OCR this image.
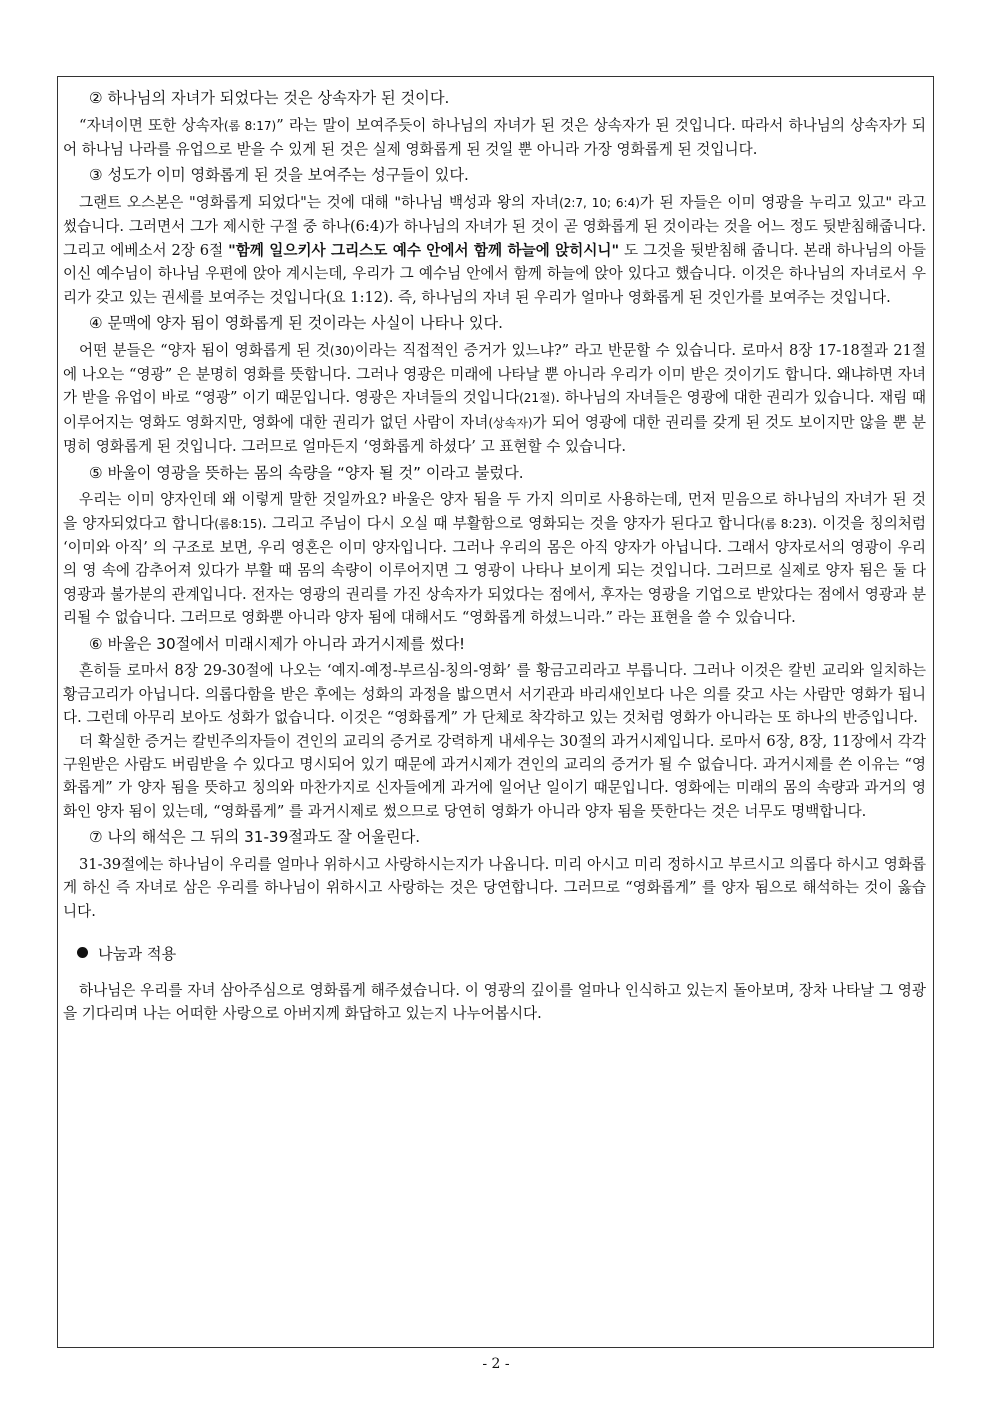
② 하나님의 자녀가 되었다는 것은 상속자가 된 것이다.

“자녀이면 또한 상속자(롬 8:17)” 라는 말이 보여주듯이 하나님의 자녀가 된 것은 상속자가 된 것입니다. 따라서 하나님의 상속자가 되어 하나님 나라를 유업으로 받을 수 있게 된 것은 실제 영화롭게 된 것일 뿐 아니라 가장 영화롭게 된 것입니다.

③ 성도가 이미 영화롭게 된 것을 보여주는 성구들이 있다.

그랜트 오스본은 "영화롭게 되었다"는 것에 대해 "하나님 백성과 왕의 자녀(2:7, 10; 6:4)가 된 자들은 이미 영광을 누리고 있고" 라고 썼습니다. 그러면서 그가 제시한 구절 중 하나(6:4)가 하나님의 자녀가 된 것이 곧 영화롭게 된 것이라는 것을 어느 정도 뒷받침해줍니다. 그리고 에베소서 2장 6절 "함께 일으키사 그리스도 예수 안에서 함께 하늘에 앉히시니" 도 그것을 뒷받침해 줍니다. 본래 하나님의 아들이신 예수님이 하나님 우편에 앉아 계시는데, 우리가 그 예수님 안에서 함께 하늘에 앉아 있다고 했습니다. 이것은 하나님의 자녀로서 우리가 갖고 있는 권세를 보여주는 것입니다(요 1:12). 즉, 하나님의 자녀 된 우리가 얼마나 영화롭게 된 것인가를 보여주는 것입니다.

④ 문맥에 양자 됨이 영화롭게 된 것이라는 사실이 나타나 있다.

어떤 분들은 “양자 됨이 영화롭게 된 것(30)이라는 직접적인 증거가 있느냐?” 라고 반문할 수 있습니다. 로마서 8장 17-18절과 21절에 나오는 “영광” 은 분명히 영화를 뜻합니다. 그러나 영광은 미래에 나타날 뿐 아니라 우리가 이미 받은 것이기도 합니다. 왜냐하면 자녀가 받을 유업이 바로 “영광” 이기 때문입니다. 영광은 자녀들의 것입니다(21절). 하나님의 자녀들은 영광에 대한 권리가 있습니다. 재림 때 이루어지는 영화도 영화지만, 영화에 대한 권리가 없던 사람이 자녀(상속자)가 되어 영광에 대한 권리를 갖게 된 것도 보이지만 않을 뿐 분명히 영화롭게 된 것입니다. 그러므로 얼마든지 ‘영화롭게 하셨다’ 고 표현할 수 있습니다.

⑤ 바울이 영광을 뜻하는 몸의 속량을 “양자 될 것” 이라고 불렀다.

우리는 이미 양자인데 왜 이렇게 말한 것일까요? 바울은 양자 됨을 두 가지 의미로 사용하는데, 먼저 믿음으로 하나님의 자녀가 된 것을 양자되었다고 합니다(롬8:15). 그리고 주님이 다시 오실 때 부활함으로 영화되는 것을 양자가 된다고 합니다(롬 8:23). 이것을 칭의처럼 ‘이미와 아직’ 의 구조로 보면, 우리 영혼은 이미 양자입니다. 그러나 우리의 몸은 아직 양자가 아닙니다. 그래서 양자로서의 영광이 우리의 영 속에 감추어져 있다가 부활 때 몸의 속량이 이루어지면 그 영광이 나타나 보이게 되는 것입니다. 그러므로 실제로 양자 됨은 둘 다 영광과 불가분의 관계입니다. 전자는 영광의 권리를 가진 상속자가 되었다는 점에서, 후자는 영광을 기업으로 받았다는 점에서 영광과 분리될 수 없습니다. 그러므로 영화뿐 아니라 양자 됨에 대해서도 “영화롭게 하셨느니라.” 라는 표현을 쓸 수 있습니다.

⑥ 바울은 30절에서 미래시제가 아니라 과거시제를 썼다!

흔히들 로마서 8장 29-30절에 나오는 ‘예지-예정-부르심-칭의-영화’ 를 황금고리라고 부릅니다. 그러나 이것은 칼빈 교리와 일치하는 황금고리가 아닙니다. 의롭다함을 받은 후에는 성화의 과정을 밟으면서 서기관과 바리새인보다 나은 의를 갖고 사는 사람만 영화가 됩니다. 그런데 아무리 보아도 성화가 없습니다. 이것은 “영화롭게” 가 단체로 착각하고 있는 것처럼 영화가 아니라는 또 하나의 반증입니다.

더 확실한 증거는 칼빈주의자들이 견인의 교리의 증거로 강력하게 내세우는 30절의 과거시제입니다. 로마서 6장, 8장, 11장에서 각각 구원받은 사람도 버림받을 수 있다고 명시되어 있기 때문에 과거시제가 견인의 교리의 증거가 될 수 없습니다. 과거시제를 쓴 이유는 “영화롭게” 가 양자 됨을 뜻하고 칭의와 마찬가지로 신자들에게 과거에 일어난 일이기 때문입니다. 영화에는 미래의 몸의 속량과 과거의 영화인 양자 됨이 있는데, “영화롭게” 를 과거시제로 썼으므로 당연히 영화가 아니라 양자 됨을 뜻한다는 것은 너무도 명백합니다.

⑦ 나의 해석은 그 뒤의 31-39절과도 잘 어울린다.

31-39절에는 하나님이 우리를 얼마나 위하시고 사랑하시는지가 나옵니다. 미리 아시고 미리 정하시고 부르시고 의롭다 하시고 영화롭게 하신 즉 자녀로 삼은 우리를 하나님이 위하시고 사랑하는 것은 당연합니다. 그러므로 “영화롭게” 를 양자 됨으로 해석하는 것이 옳습니다.

나눔과 적용

하나님은 우리를 자녀 삼아주심으로 영화롭게 해주셨습니다. 이 영광의 깊이를 얼마나 인식하고 있는지 돌아보며, 장차 나타날 그 영광을 기다리며 나는 어떠한 사랑으로 아버지께 화답하고 있는지 나누어봅시다.

- 2 -
